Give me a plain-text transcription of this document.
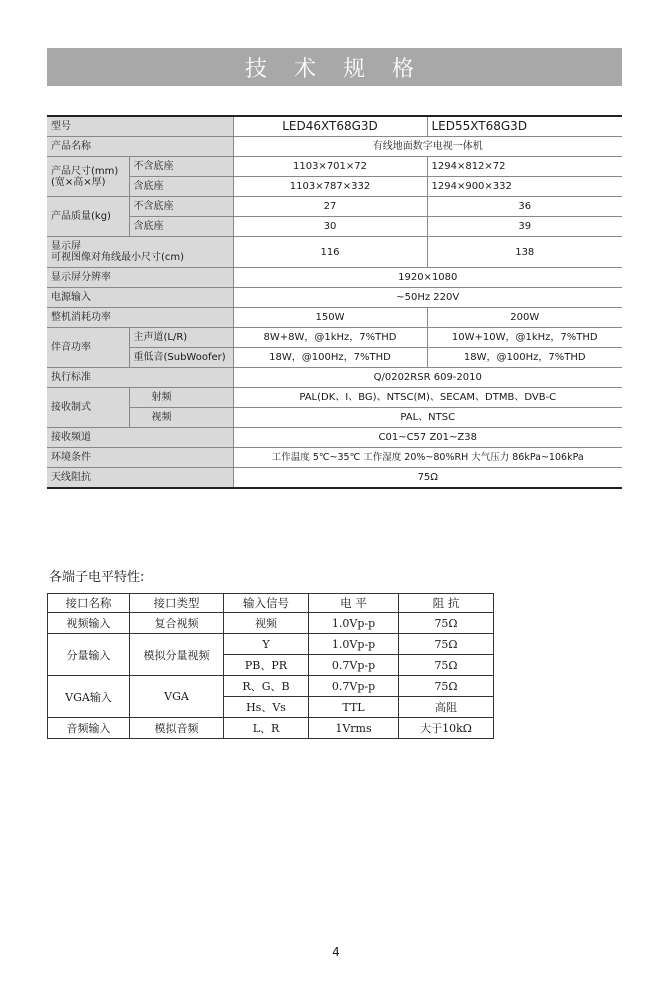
技 术 规 格
型号		LED46XT68G3D	LED55XT68G3D
产品名称		有线地面数字电视一体机	
产品尺寸(mm)
(宽×高×厚)	不含底座	1103×701×72	1294×812×72
	含底座	1103×787×332	1294×900×332
产品质量(kg)	不含底座	27	36
	含底座	30	39
显示屏
可视图像对角线最小尺寸(cm)		116	138
显示屏分辨率		1920×1080	
电源输入		~50Hz 220V	
整机消耗功率		150W	200W
伴音功率	主声道(L/R)	8W+8W，@1kHz，7%THD	10W+10W，@1kHz，7%THD
	重低音(SubWoofer)	18W，@100Hz，7%THD	18W，@100Hz，7%THD
执行标准		Q/0202RSR 609-2010	
接收制式	射频	PAL(DK、I、BG)、NTSC(M)、SECAM、DTMB、DVB-C	
	视频	PAL、NTSC	
接收频道		C01~C57 Z01~Z38	
环境条件		工作温度 5℃~35℃ 工作湿度 20%~80%RH 大气压力 86kPa~106kPa	
天线阻抗		75Ω	
各端子电平特性:
接口名称	接口类型	输入信号	电 平	阻 抗
视频输入	复合视频	视频	1.0Vp-p	75Ω
分量输入	模拟分量视频	Y	1.0Vp-p	75Ω
		PB、PR	0.7Vp-p	75Ω
VGA输入	VGA	R、G、B	0.7Vp-p	75Ω
		Hs、Vs	TTL	高阻
音频输入	模拟音频	L、R	1Vrms	大于10kΩ
4
